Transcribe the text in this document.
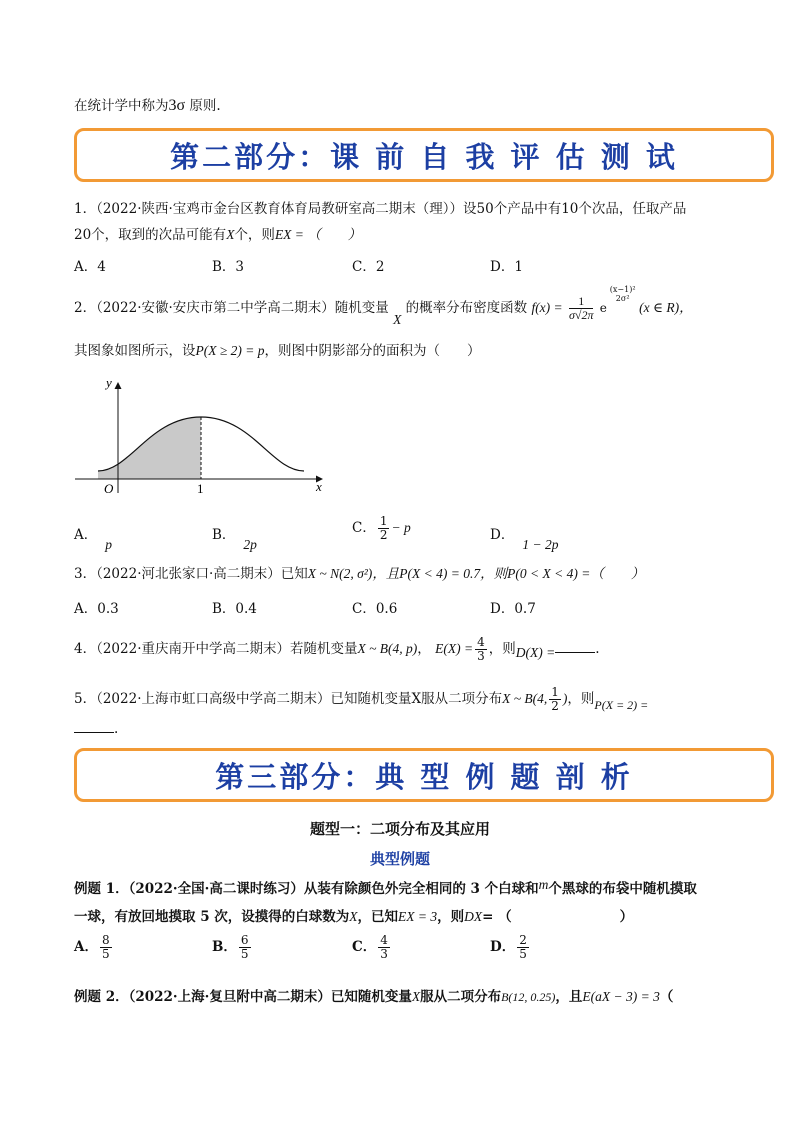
在统计学中称为3σ 原则.
第二部分：课 前 自 我 评 估 测 试
1．（2022·陕西·宝鸡市金台区教育体育局教研室高二期末（理））设50个产品中有10个次品，任取产品
20个，取到的次品可能有X个，则EX = （　　）
A．4	B．3	C．2	D．1
2．（2022·安徽·安庆市第二中学高二期末）随机变量 X 的概率分布密度函数 $f(x) = \frac{1}{\sigma√2\pi}$ e
(x−1)²
2σ²
(x ∈ R)，
其图象如图所示，设P(X ≥ 2) = p，则图中阴影部分的面积为（　　）
y
x
O	1
A．p
B．2p
C． $\frac{1}{2} - p$	D．1 − 2p
3．（2022·河北张家口·高二期末）已知X ~ N(2, σ²)，且P(X < 4) = 0.7，则P(0 < X < 4) =（　　）
A．0.3	B．0.4	C．0.6	D．0.7
4．（2022·重庆南开中学高二期末）若随机变量X ~ B(4, p)， $E(X) = \frac{4}{3}$ ，则D(X) =	.
5．（2022·上海市虹口高级中学高二期末）已知随机变量X服从二项分布X ~ B(4, $\frac{1}{2}$ )，则P(X = 2) =
.
第三部分：典 型 例 题 剖 析
题型一：二项分布及其应用
典型例题
例题 1．（2022·全国·高二课时练习）从装有除颜色外完全相同的 3 个白球和m个黑球的布袋中随机摸取
一球，有放回地摸取 5 次，设摸得的白球数为X，已知EX = 3，则DX= （　　　　　　　　）
A． $\frac{8}{5}$	B． $\frac{6}{5}$	C． $\frac{4}{3}$	D． $\frac{2}{5}$
例题 2．（2022·上海·复旦附中高二期末）已知随机变量X服从二项分布B(12, 0.25)，且E(aX − 3) = 3（
